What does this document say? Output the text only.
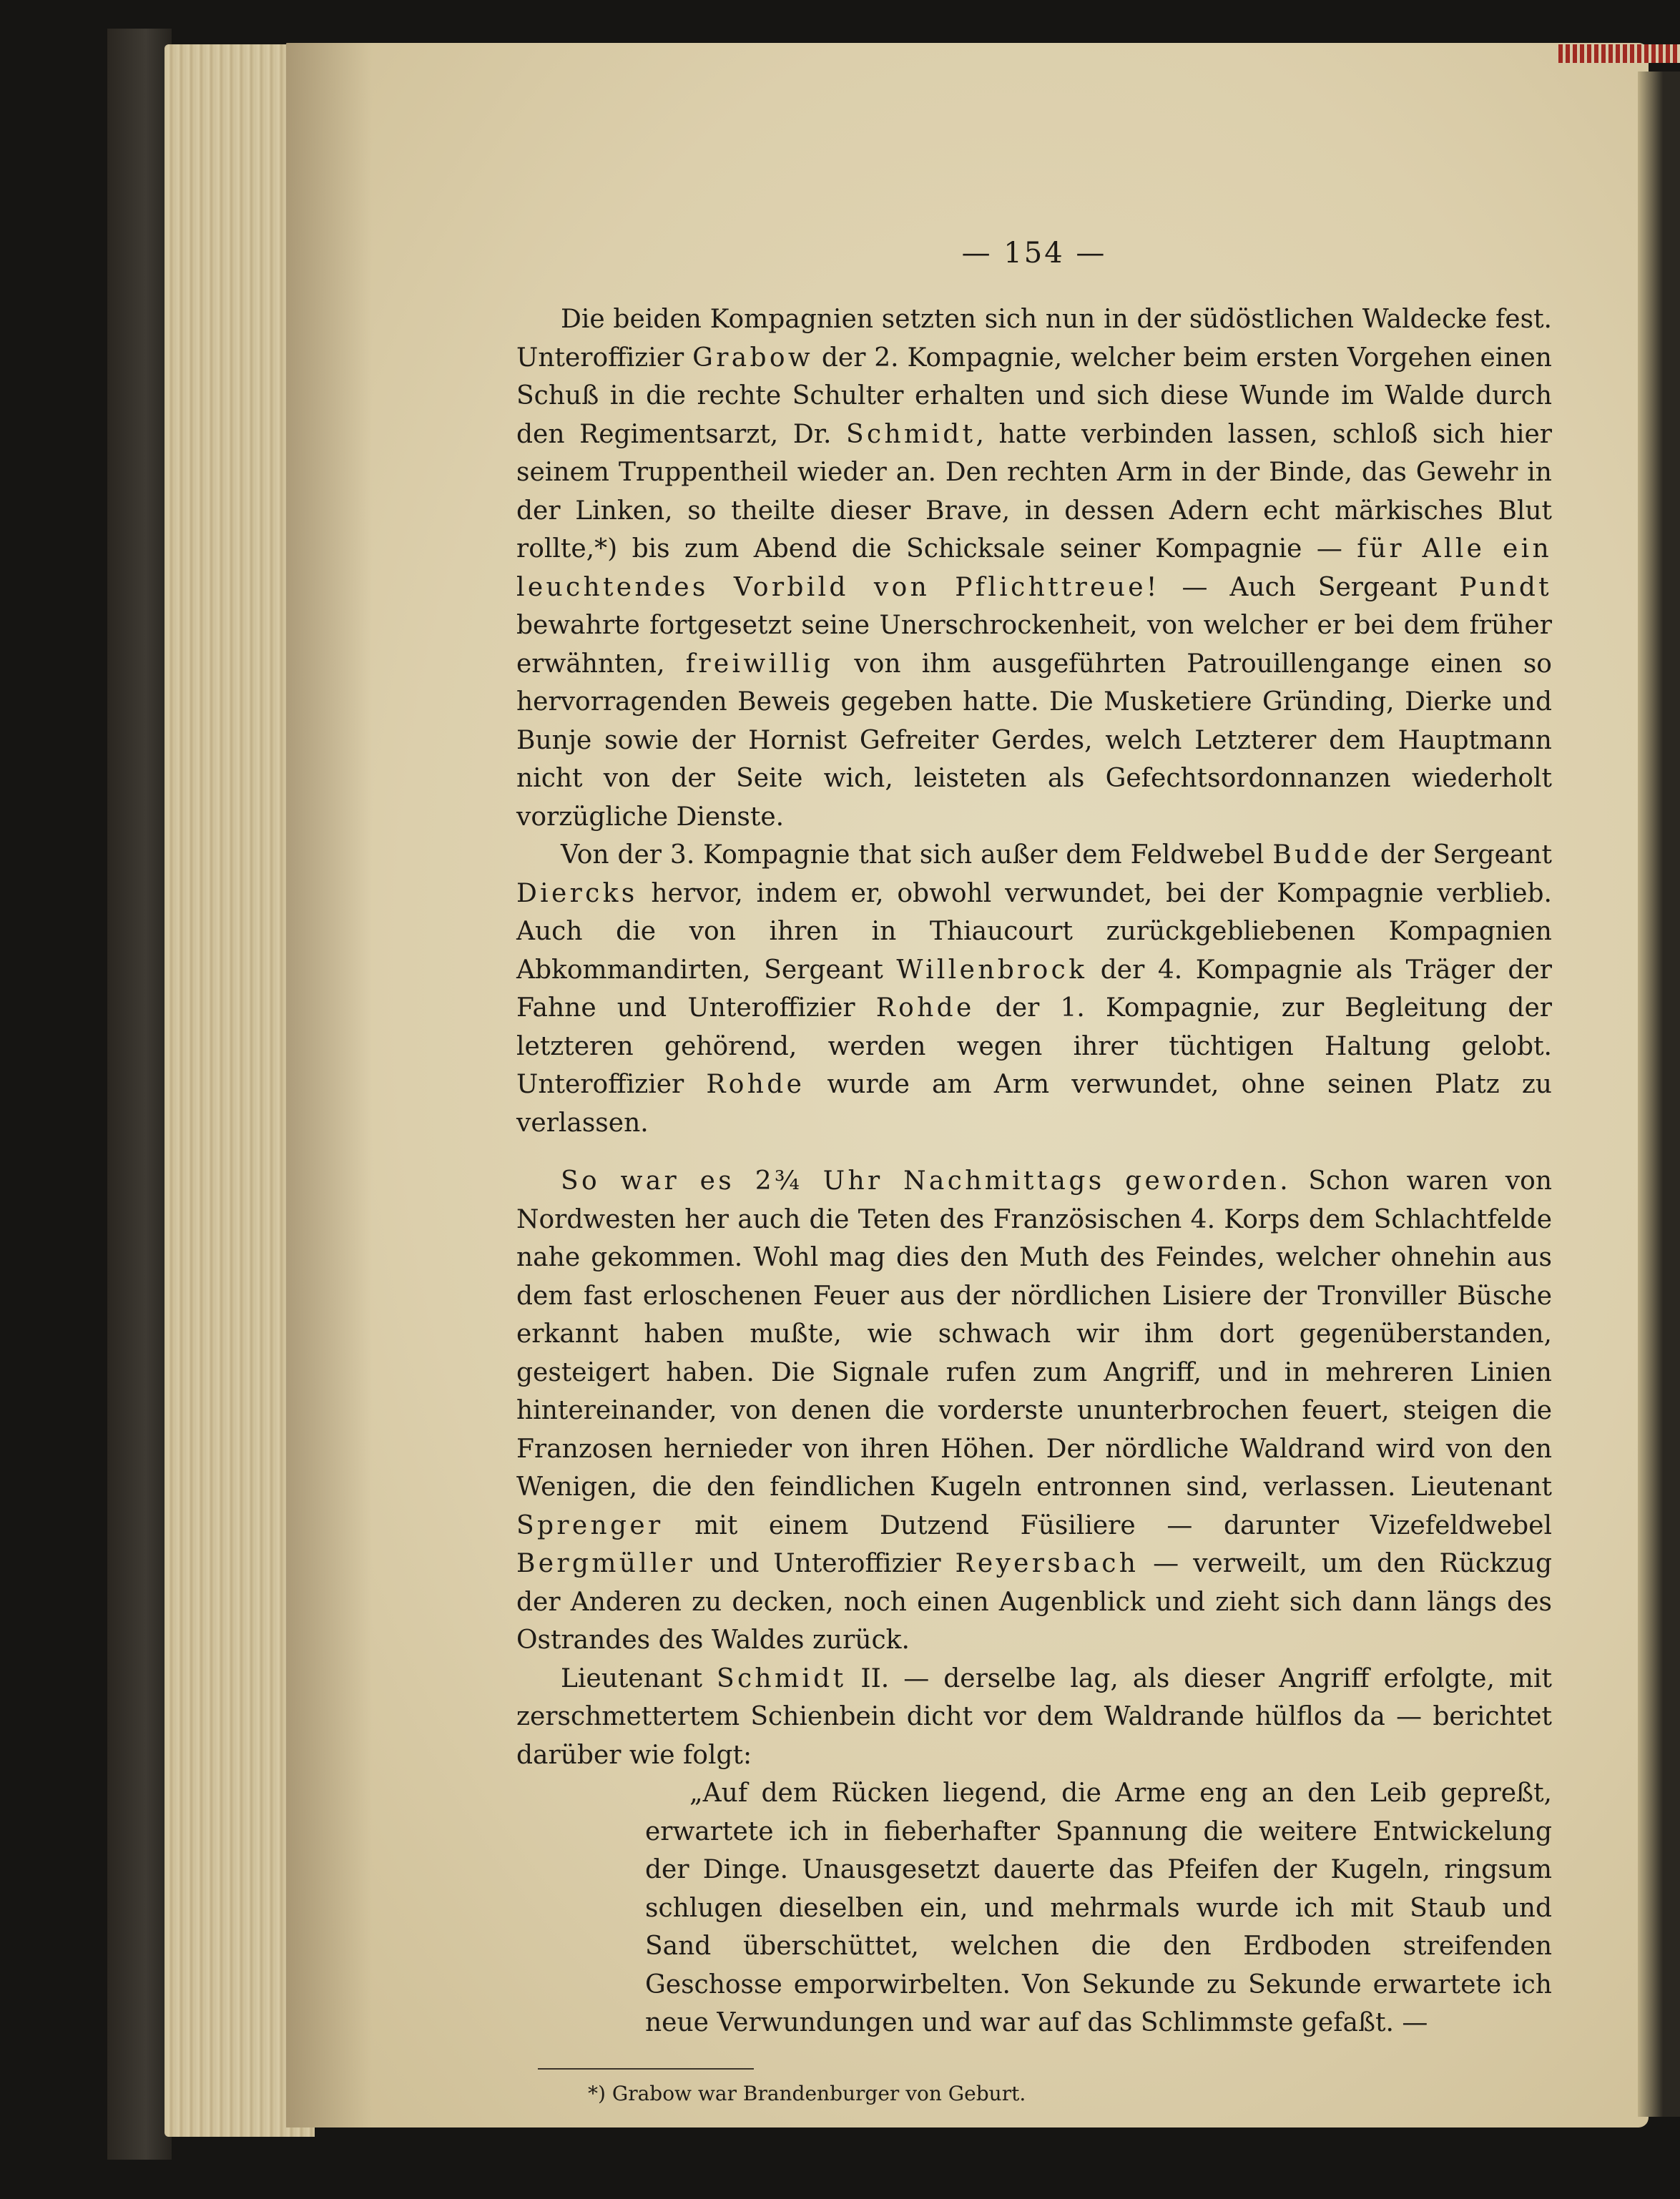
— 154 —

Die beiden Kompagnien setzten sich nun in der südöstlichen Waldecke fest. Unteroffizier Grabow der 2. Kompagnie, welcher beim ersten Vorgehen einen Schuß in die rechte Schulter erhalten und sich diese Wunde im Walde durch den Regimentsarzt, Dr. Schmidt, hatte verbinden lassen, schloß sich hier seinem Truppentheil wieder an. Den rechten Arm in der Binde, das Gewehr in der Linken, so theilte dieser Brave, in dessen Adern echt märkisches Blut rollte,*) bis zum Abend die Schicksale seiner Kompagnie — für Alle ein leuchtendes Vorbild von Pflichttreue! — Auch Sergeant Pundt bewahrte fortgesetzt seine Unerschrockenheit, von welcher er bei dem früher erwähnten, freiwillig von ihm ausgeführten Patrouillengange einen so hervorragenden Beweis gegeben hatte. Die Musketiere Gründing, Dierke und Bunje sowie der Hornist Gefreiter Gerdes, welch Letzterer dem Hauptmann nicht von der Seite wich, leisteten als Gefechtsordonnanzen wiederholt vorzügliche Dienste.

Von der 3. Kompagnie that sich außer dem Feldwebel Budde der Sergeant Diercks hervor, indem er, obwohl verwundet, bei der Kompagnie verblieb. Auch die von ihren in Thiaucourt zurückgebliebenen Kompagnien Abkommandirten, Sergeant Willenbrock der 4. Kompagnie als Träger der Fahne und Unteroffizier Rohde der 1. Kompagnie, zur Begleitung der letzteren gehörend, werden wegen ihrer tüchtigen Haltung gelobt. Unteroffizier Rohde wurde am Arm verwundet, ohne seinen Platz zu verlassen.

So war es 2¾ Uhr Nachmittags geworden. Schon waren von Nordwesten her auch die Teten des Französischen 4. Korps dem Schlachtfelde nahe gekommen. Wohl mag dies den Muth des Feindes, welcher ohnehin aus dem fast erloschenen Feuer aus der nördlichen Lisiere der Tronviller Büsche erkannt haben mußte, wie schwach wir ihm dort gegenüberstanden, gesteigert haben. Die Signale rufen zum Angriff, und in mehreren Linien hintereinander, von denen die vorderste ununterbrochen feuert, steigen die Franzosen hernieder von ihren Höhen. Der nördliche Waldrand wird von den Wenigen, die den feindlichen Kugeln entronnen sind, verlassen. Lieutenant Sprenger mit einem Dutzend Füsiliere — darunter Vizefeldwebel Bergmüller und Unteroffizier Reyersbach — verweilt, um den Rückzug der Anderen zu decken, noch einen Augenblick und zieht sich dann längs des Ostrandes des Waldes zurück.

Lieutenant Schmidt II. — derselbe lag, als dieser Angriff erfolgte, mit zerschmettertem Schienbein dicht vor dem Waldrande hülflos da — berichtet darüber wie folgt:

„Auf dem Rücken liegend, die Arme eng an den Leib gepreßt, erwartete ich in fieberhafter Spannung die weitere Entwickelung der Dinge. Unausgesetzt dauerte das Pfeifen der Kugeln, ringsum schlugen dieselben ein, und mehrmals wurde ich mit Staub und Sand überschüttet, welchen die den Erdboden streifenden Geschosse emporwirbelten. Von Sekunde zu Sekunde erwartete ich neue Verwundungen und war auf das Schlimmste gefaßt. —

*) Grabow war Brandenburger von Geburt.
